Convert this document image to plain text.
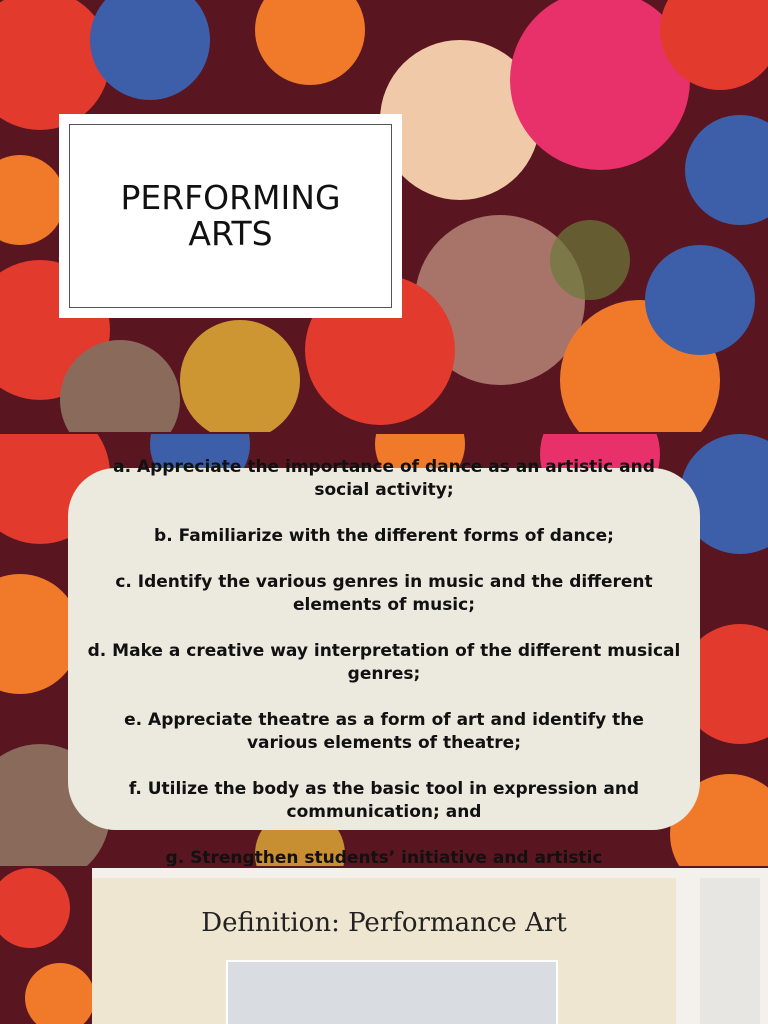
PERFORMING
ARTS

a. Appreciate the importance of dance as an artistic and social activity;

b. Familiarize with the different forms of dance;

c. Identify the various genres in music and the different elements of music;

d. Make a creative way interpretation of the different musical genres;

e. Appreciate theatre as a form of art and identify the various elements of theatre;

f. Utilize the body as the basic tool in expression and communication; and

g. Strengthen students’ initiative and artistic

Definition: Performance Art
